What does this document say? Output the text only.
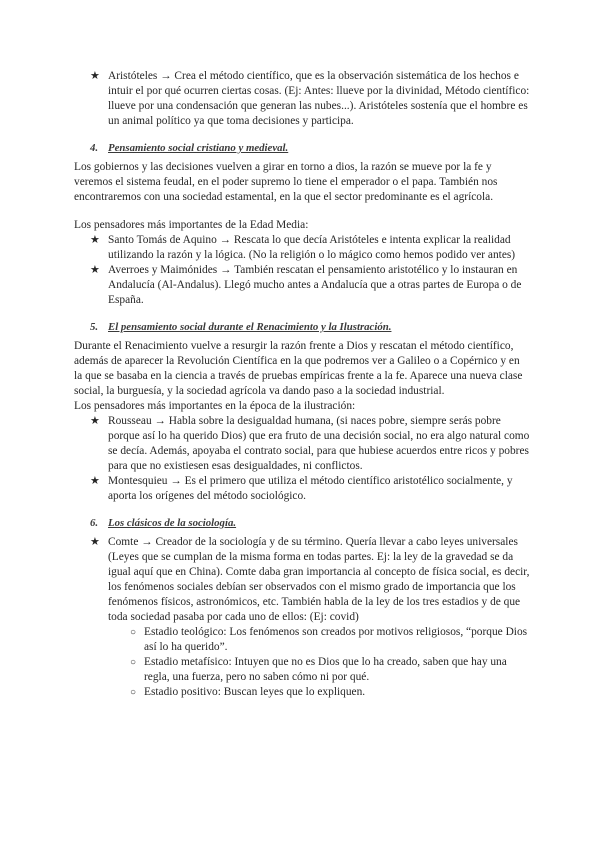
★ Aristóteles → Crea el método científico, que es la observación sistemática de los hechos e intuir el por qué ocurren ciertas cosas. (Ej: Antes: llueve por la divinidad, Método científico: llueve por una condensación que generan las nubes...). Aristóteles sostenía que el hombre es un animal político ya que toma decisiones y participa.

4. Pensamiento social cristiano y medieval.

Los gobiernos y las decisiones vuelven a girar en torno a dios, la razón se mueve por la fe y veremos el sistema feudal, en el poder supremo lo tiene el emperador o el papa. También nos encontraremos con una sociedad estamental, en la que el sector predominante es el agrícola.

Los pensadores más importantes de la Edad Media:

★ Santo Tomás de Aquino → Rescata lo que decía Aristóteles e intenta explicar la realidad utilizando la razón y la lógica. (No la religión o lo mágico como hemos podido ver antes)

★ Averroes y Maimónides → También rescatan el pensamiento aristotélico y lo instauran en Andalucía (Al-Andalus). Llegó mucho antes a Andalucía que a otras partes de Europa o de España.

5. El pensamiento social durante el Renacimiento y la Ilustración.

Durante el Renacimiento vuelve a resurgir la razón frente a Dios y rescatan el método científico, además de aparecer la Revolución Científica en la que podremos ver a Galileo o a Copérnico y en la que se basaba en la ciencia a través de pruebas empíricas frente a la fe. Aparece una nueva clase social, la burguesía, y la sociedad agrícola va dando paso a la sociedad industrial.

Los pensadores más importantes en la época de la ilustración:

★ Rousseau → Habla sobre la desigualdad humana, (si naces pobre, siempre serás pobre porque así lo ha querido Dios) que era fruto de una decisión social, no era algo natural como se decía. Además, apoyaba el contrato social, para que hubiese acuerdos entre ricos y pobres para que no existiesen esas desigualdades, ni conflictos.

★ Montesquieu → Es el primero que utiliza el método científico aristotélico socialmente, y aporta los orígenes del método sociológico.

6. Los clásicos de la sociología.
★ Comte → Creador de la sociología y de su término. Quería llevar a cabo leyes universales (Leyes que se cumplan de la misma forma en todas partes. Ej: la ley de la gravedad se da igual aquí que en China). Comte daba gran importancia al concepto de física social, es decir, los fenómenos sociales debían ser observados con el mismo grado de importancia que los fenómenos físicos, astronómicos, etc. También habla de la ley de los tres estadios y de que toda sociedad pasaba por cada uno de ellos: (Ej: covid)

○ Estadio teológico: Los fenómenos son creados por motivos religiosos, “porque Dios así lo ha querido”.

○ Estadio metafísico: Intuyen que no es Dios que lo ha creado, saben que hay una regla, una fuerza, pero no saben cómo ni por qué.

○ Estadio positivo: Buscan leyes que lo expliquen.
